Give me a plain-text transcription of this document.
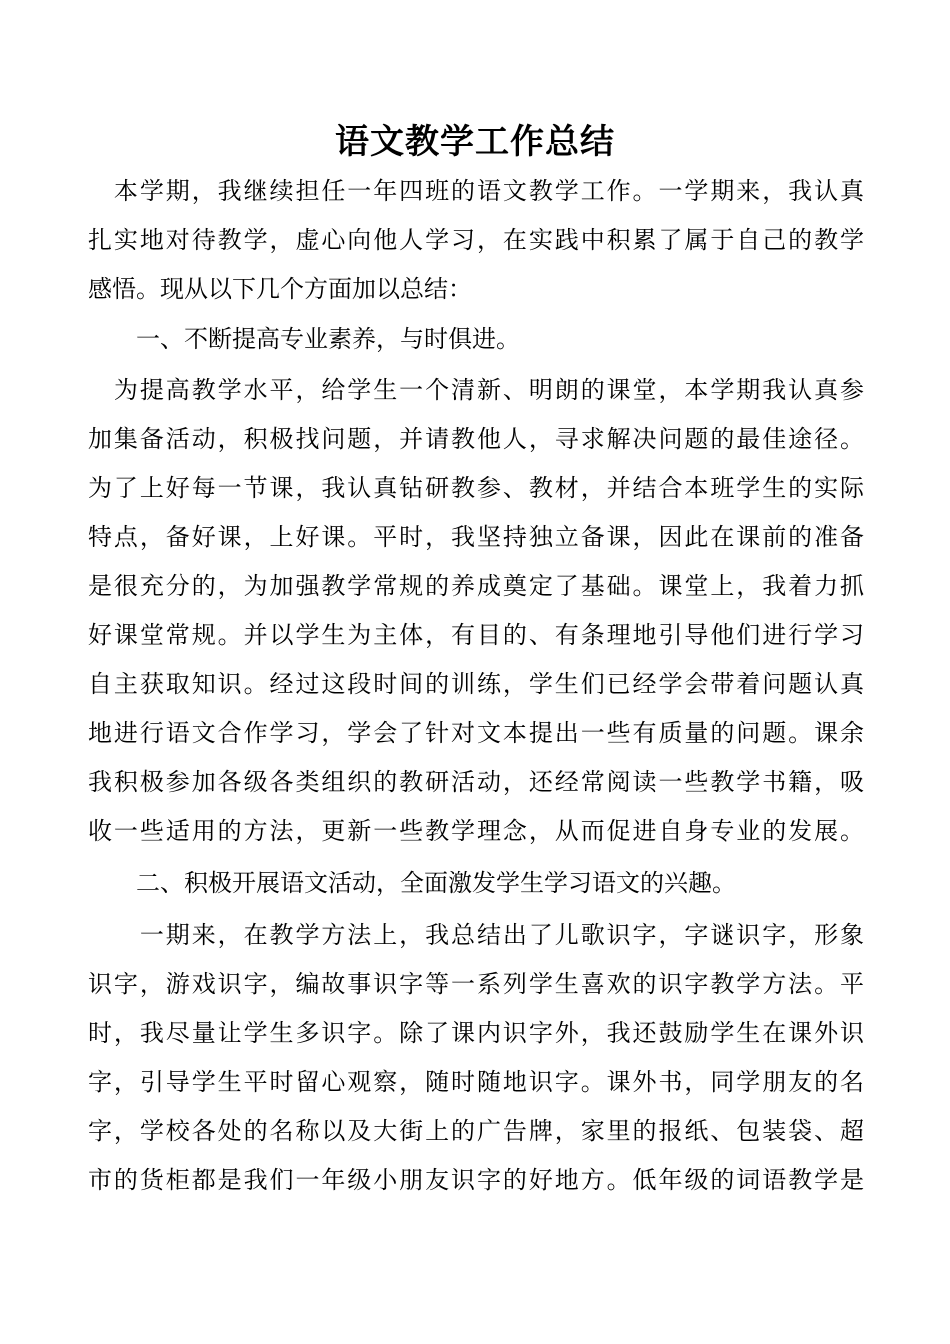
语文教学工作总结
　本学期，我继续担任一年四班的语文教学工作。一学期来，我认真
扎实地对待教学，虚心向他人学习，在实践中积累了属于自己的教学
感悟。现从以下几个方面加以总结：
　　一、不断提高专业素养，与时俱进。
　为提高教学水平，给学生一个清新、明朗的课堂，本学期我认真参
加集备活动，积极找问题，并请教他人，寻求解决问题的最佳途径。
为了上好每一节课，我认真钻研教参、教材，并结合本班学生的实际
特点，备好课，上好课。平时，我坚持独立备课，因此在课前的准备
是很充分的，为加强教学常规的养成奠定了基础。课堂上，我着力抓
好课堂常规。并以学生为主体，有目的、有条理地引导他们进行学习
自主获取知识。经过这段时间的训练，学生们已经学会带着问题认真
地进行语文合作学习，学会了针对文本提出一些有质量的问题。课余
我积极参加各级各类组织的教研活动，还经常阅读一些教学书籍，吸
收一些适用的方法，更新一些教学理念，从而促进自身专业的发展。
　　二、积极开展语文活动，全面激发学生学习语文的兴趣。
　　一期来，在教学方法上，我总结出了儿歌识字，字谜识字，形象
识字，游戏识字，编故事识字等一系列学生喜欢的识字教学方法。平
时，我尽量让学生多识字。除了课内识字外，我还鼓励学生在课外识
字，引导学生平时留心观察，随时随地识字。课外书，同学朋友的名
字，学校各处的名称以及大街上的广告牌，家里的报纸、包装袋、超
市的货柜都是我们一年级小朋友识字的好地方。低年级的词语教学是
